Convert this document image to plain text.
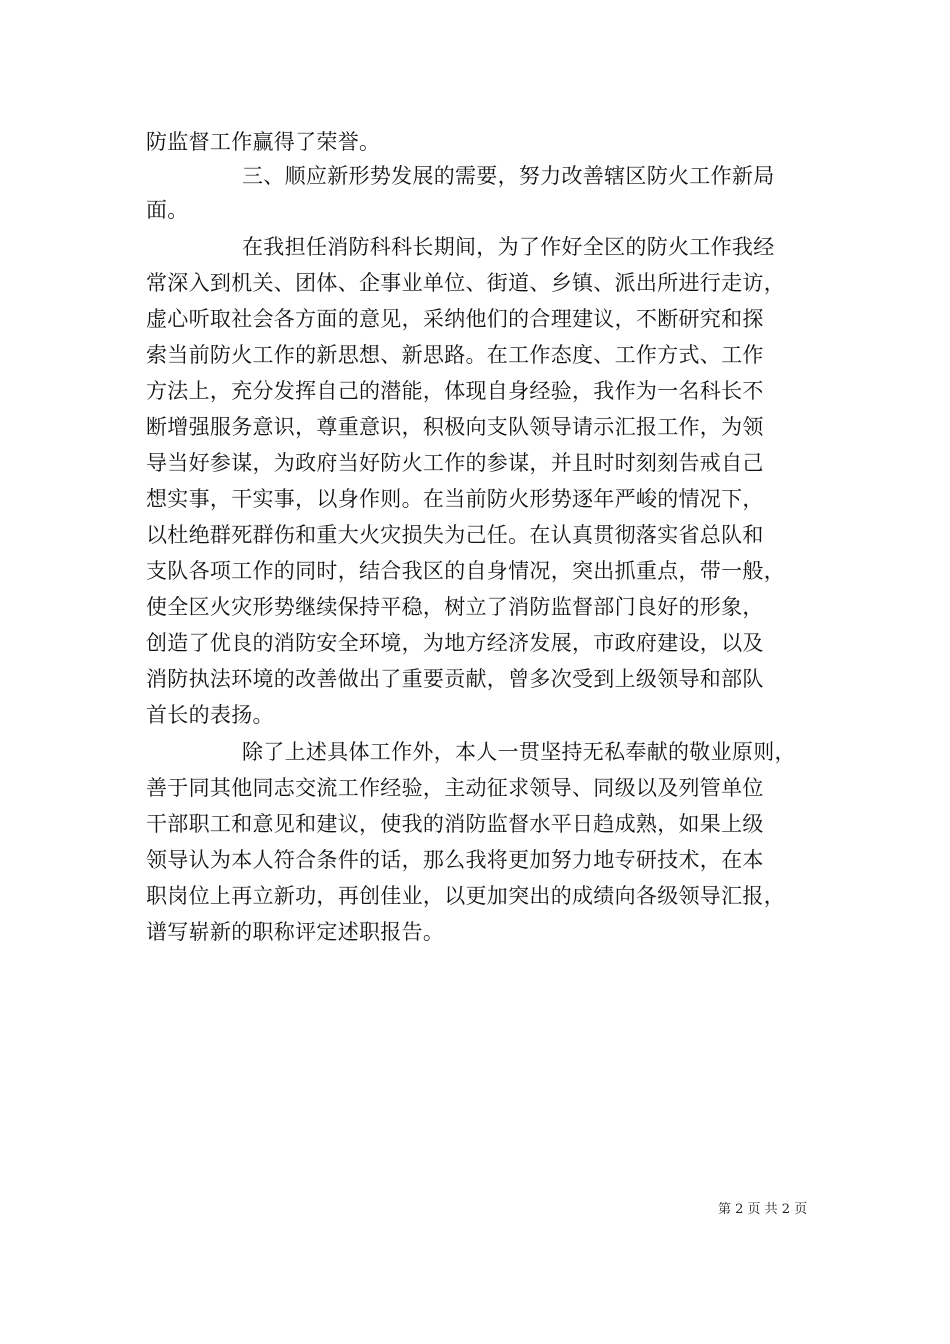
防监督工作赢得了荣誉。
三、顺应新形势发展的需要，努力改善辖区防火工作新局
面。
在我担任消防科科长期间，为了作好全区的防火工作我经
常深入到机关、团体、企事业单位、街道、乡镇、派出所进行走访，
虚心听取社会各方面的意见，采纳他们的合理建议，不断研究和探
索当前防火工作的新思想、新思路。在工作态度、工作方式、工作
方法上，充分发挥自己的潜能，体现自身经验，我作为一名科长不
断增强服务意识，尊重意识，积极向支队领导请示汇报工作，为领
导当好参谋，为政府当好防火工作的参谋，并且时时刻刻告戒自己
想实事，干实事，以身作则。在当前防火形势逐年严峻的情况下，
以杜绝群死群伤和重大火灾损失为己任。在认真贯彻落实省总队和
支队各项工作的同时，结合我区的自身情况，突出抓重点，带一般，
使全区火灾形势继续保持平稳，树立了消防监督部门良好的形象，
创造了优良的消防安全环境，为地方经济发展，市政府建设，以及
消防执法环境的改善做出了重要贡献，曾多次受到上级领导和部队
首长的表扬。
除了上述具体工作外，本人一贯坚持无私奉献的敬业原则，
善于同其他同志交流工作经验，主动征求领导、同级以及列管单位
干部职工和意见和建议，使我的消防监督水平日趋成熟，如果上级
领导认为本人符合条件的话，那么我将更加努力地专研技术，在本
职岗位上再立新功，再创佳业，以更加突出的成绩向各级领导汇报，
谱写崭新的职称评定述职报告。
第 2 页 共 2 页
